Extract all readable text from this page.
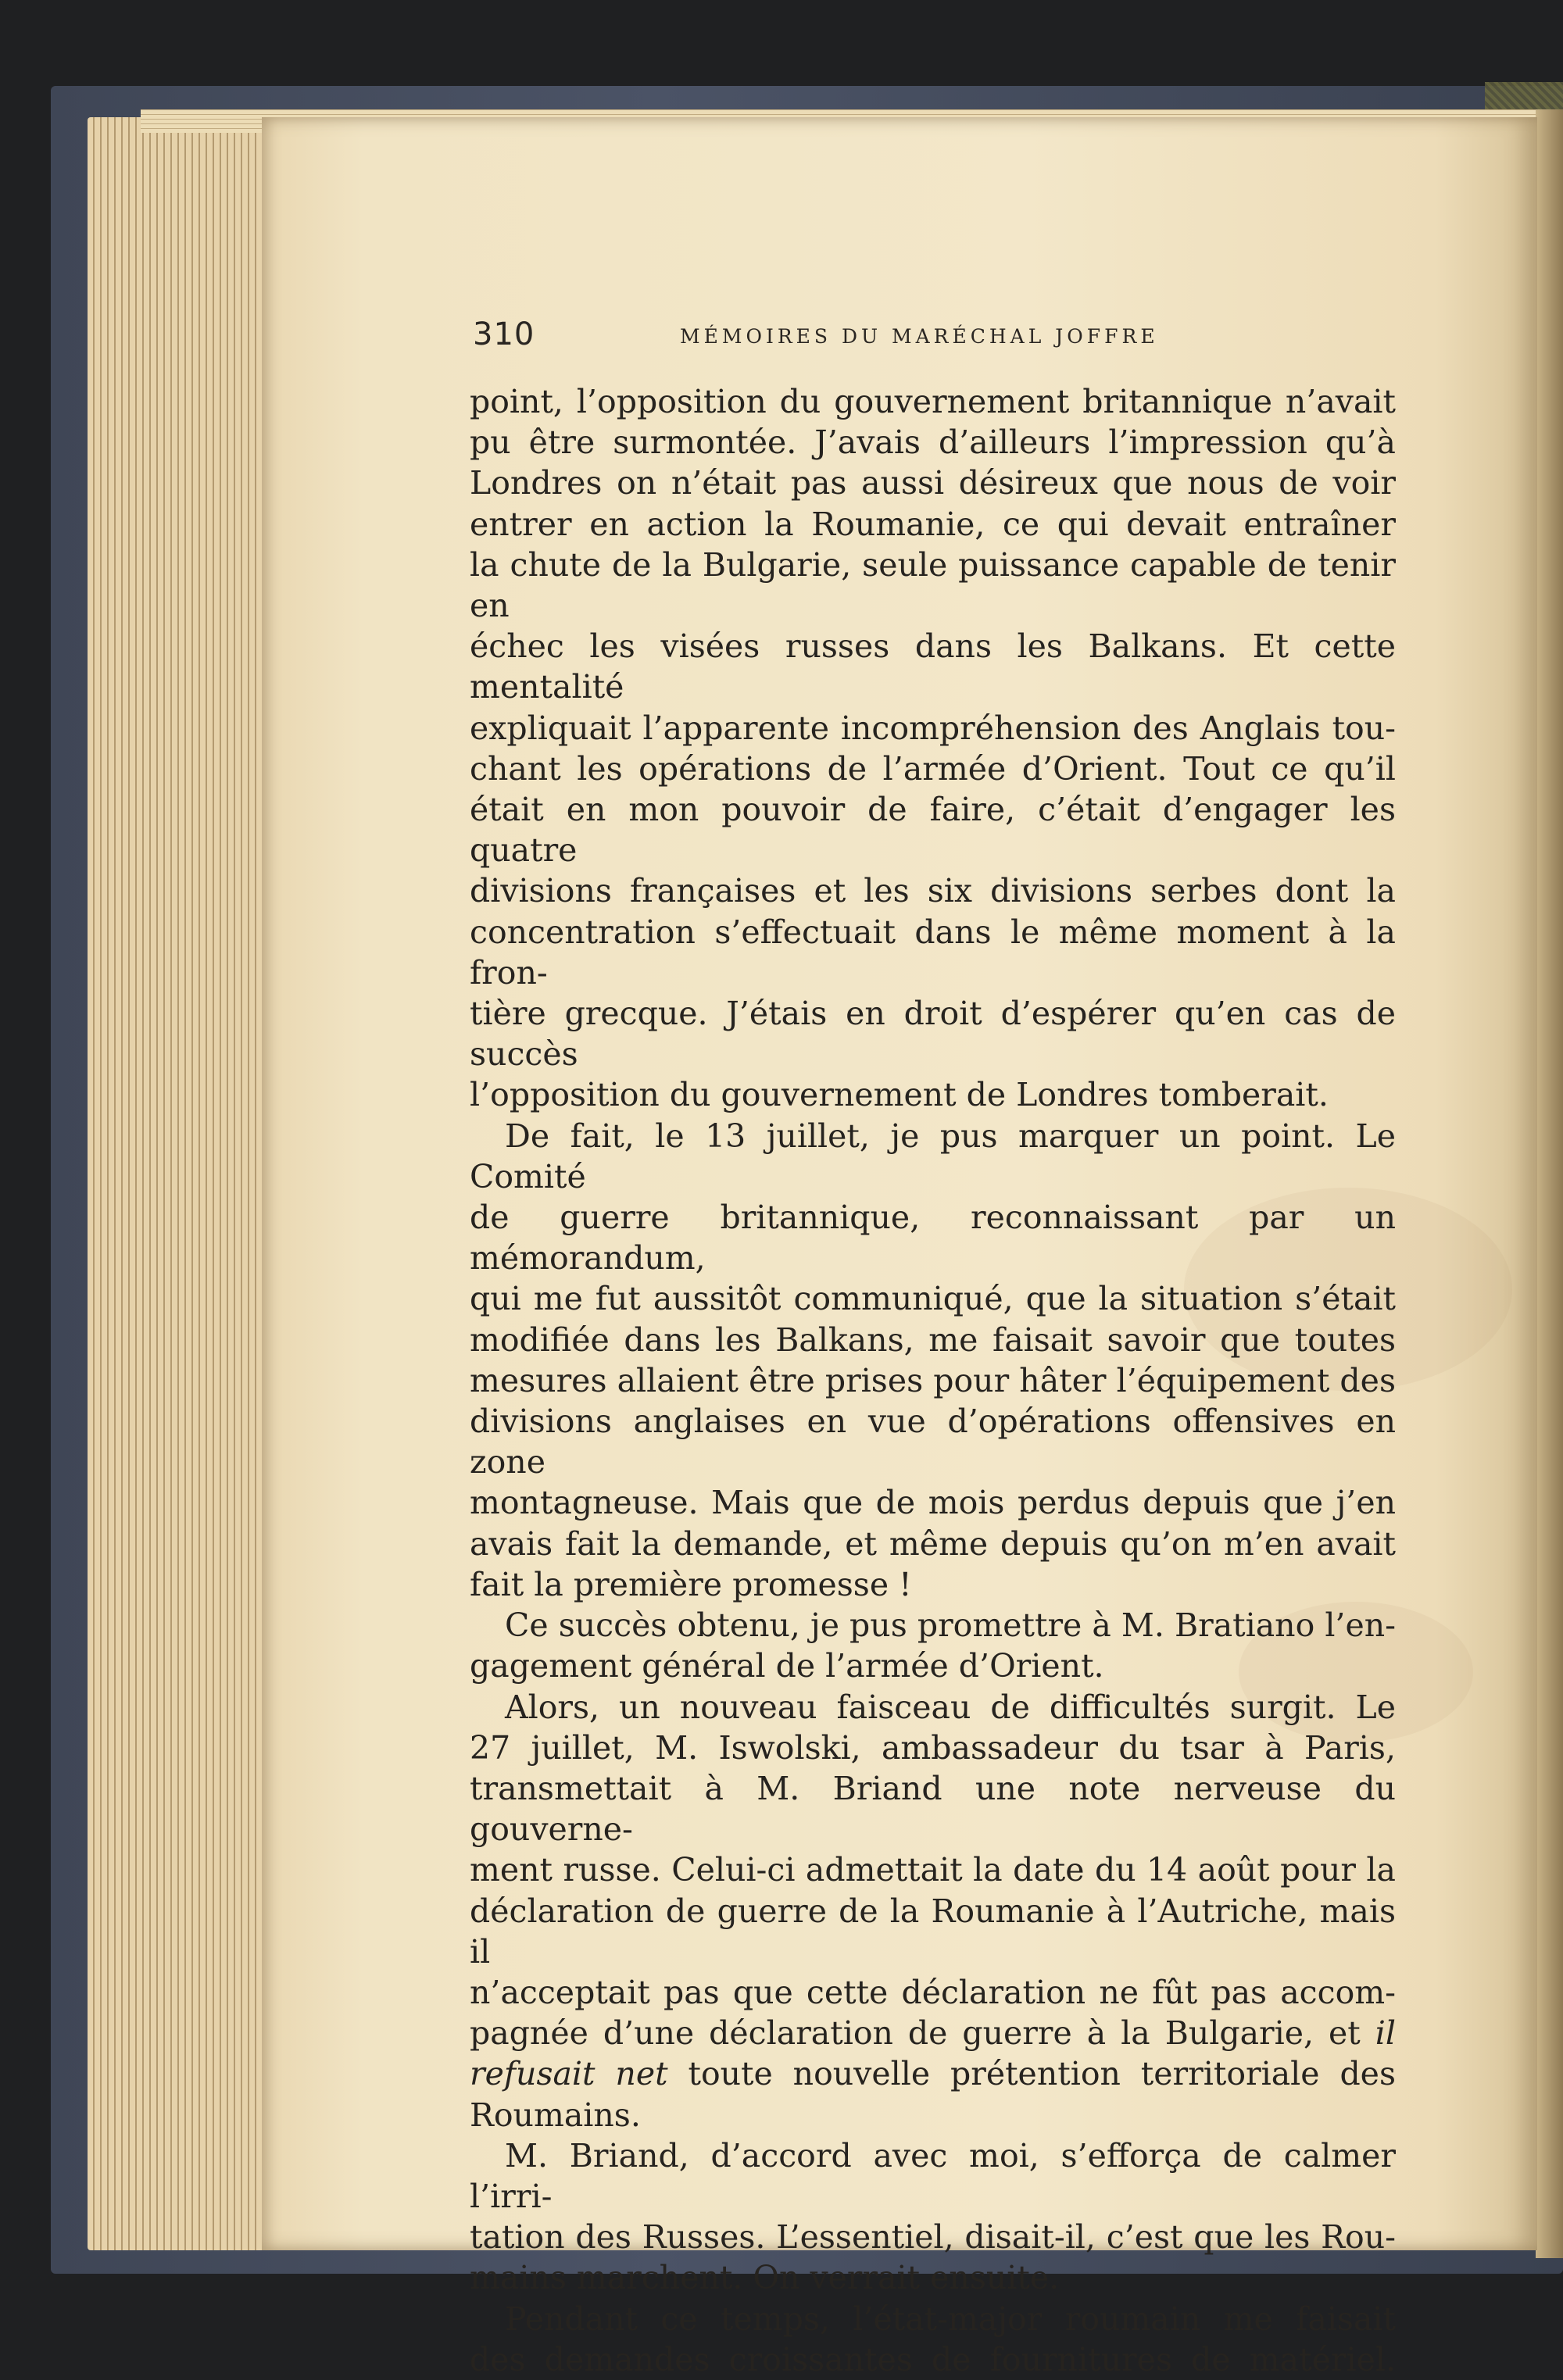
310	MÉMOIRES DU MARÉCHAL JOFFRE

point, l’opposition du gouvernement britannique n’avait

pu être surmontée. J’avais d’ailleurs l’impression qu’à

Londres on n’était pas aussi désireux que nous de voir

entrer en action la Roumanie, ce qui devait entraîner

la chute de la Bulgarie, seule puissance capable de tenir en

échec les visées russes dans les Balkans. Et cette mentalité

expliquait l’apparente incompréhension des Anglais tou-

chant les opérations de l’armée d’Orient. Tout ce qu’il

était en mon pouvoir de faire, c’était d’engager les quatre

divisions françaises et les six divisions serbes dont la

concentration s’effectuait dans le même moment à la fron-

tière grecque. J’étais en droit d’espérer qu’en cas de succès

l’opposition du gouvernement de Londres tomberait.

De fait, le 13 juillet, je pus marquer un point. Le Comité

de guerre britannique, reconnaissant par un mémorandum,

qui me fut aussitôt communiqué, que la situation s’était

modifiée dans les Balkans, me faisait savoir que toutes

mesures allaient être prises pour hâter l’équipement des

divisions anglaises en vue d’opérations offensives en zone

montagneuse. Mais que de mois perdus depuis que j’en

avais fait la demande, et même depuis qu’on m’en avait

fait la première promesse !

Ce succès obtenu, je pus promettre à M. Bratiano l’en-

gagement général de l’armée d’Orient.

Alors, un nouveau faisceau de difficultés surgit. Le

27 juillet, M. Iswolski, ambassadeur du tsar à Paris,

transmettait à M. Briand une note nerveuse du gouverne-

ment russe. Celui-ci admettait la date du 14 août pour la

déclaration de guerre de la Roumanie à l’Autriche, mais il

n’acceptait pas que cette déclaration ne fût pas accom-

pagnée d’une déclaration de guerre à la Bulgarie, et il

refusait net toute nouvelle prétention territoriale des

Roumains.

M. Briand, d’accord avec moi, s’efforça de calmer l’irri-

tation des Russes. L’essentiel, disait-il, c’est que les Rou-

mains marchent. On verrait ensuite.

Pendant ce temps, l’état-major roumain me faisait

des demandes croissantes de fournitures de matériel.
